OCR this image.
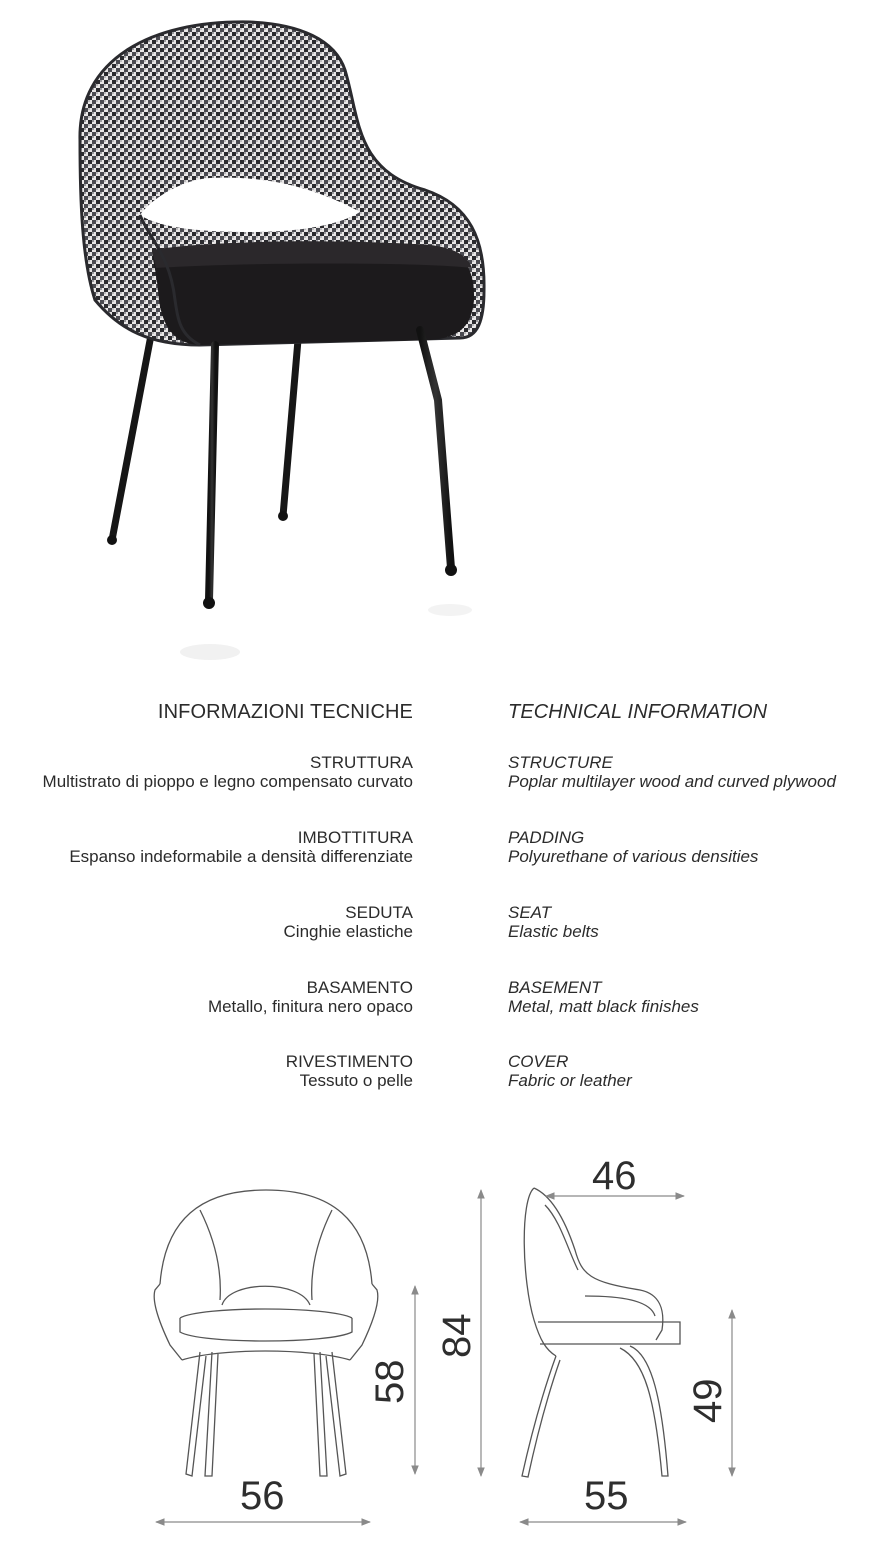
INFORMAZIONI TECNICHE
STRUTTURA
Multistrato di pioppo e legno compensato curvato
IMBOTTITURA
Espanso indeformabile a densità differenziate
SEDUTA
Cinghie elastiche
BASAMENTO
Metallo, finitura nero opaco
RIVESTIMENTO
Tessuto o pelle
TECHNICAL INFORMATION
STRUCTURE
Poplar multilayer wood and curved plywood
PADDING
Polyurethane of various densities
SEAT
Elastic belts
BASEMENT
Metal, matt black finishes
COVER
Fabric or leather
56
58
84
46
55
49
